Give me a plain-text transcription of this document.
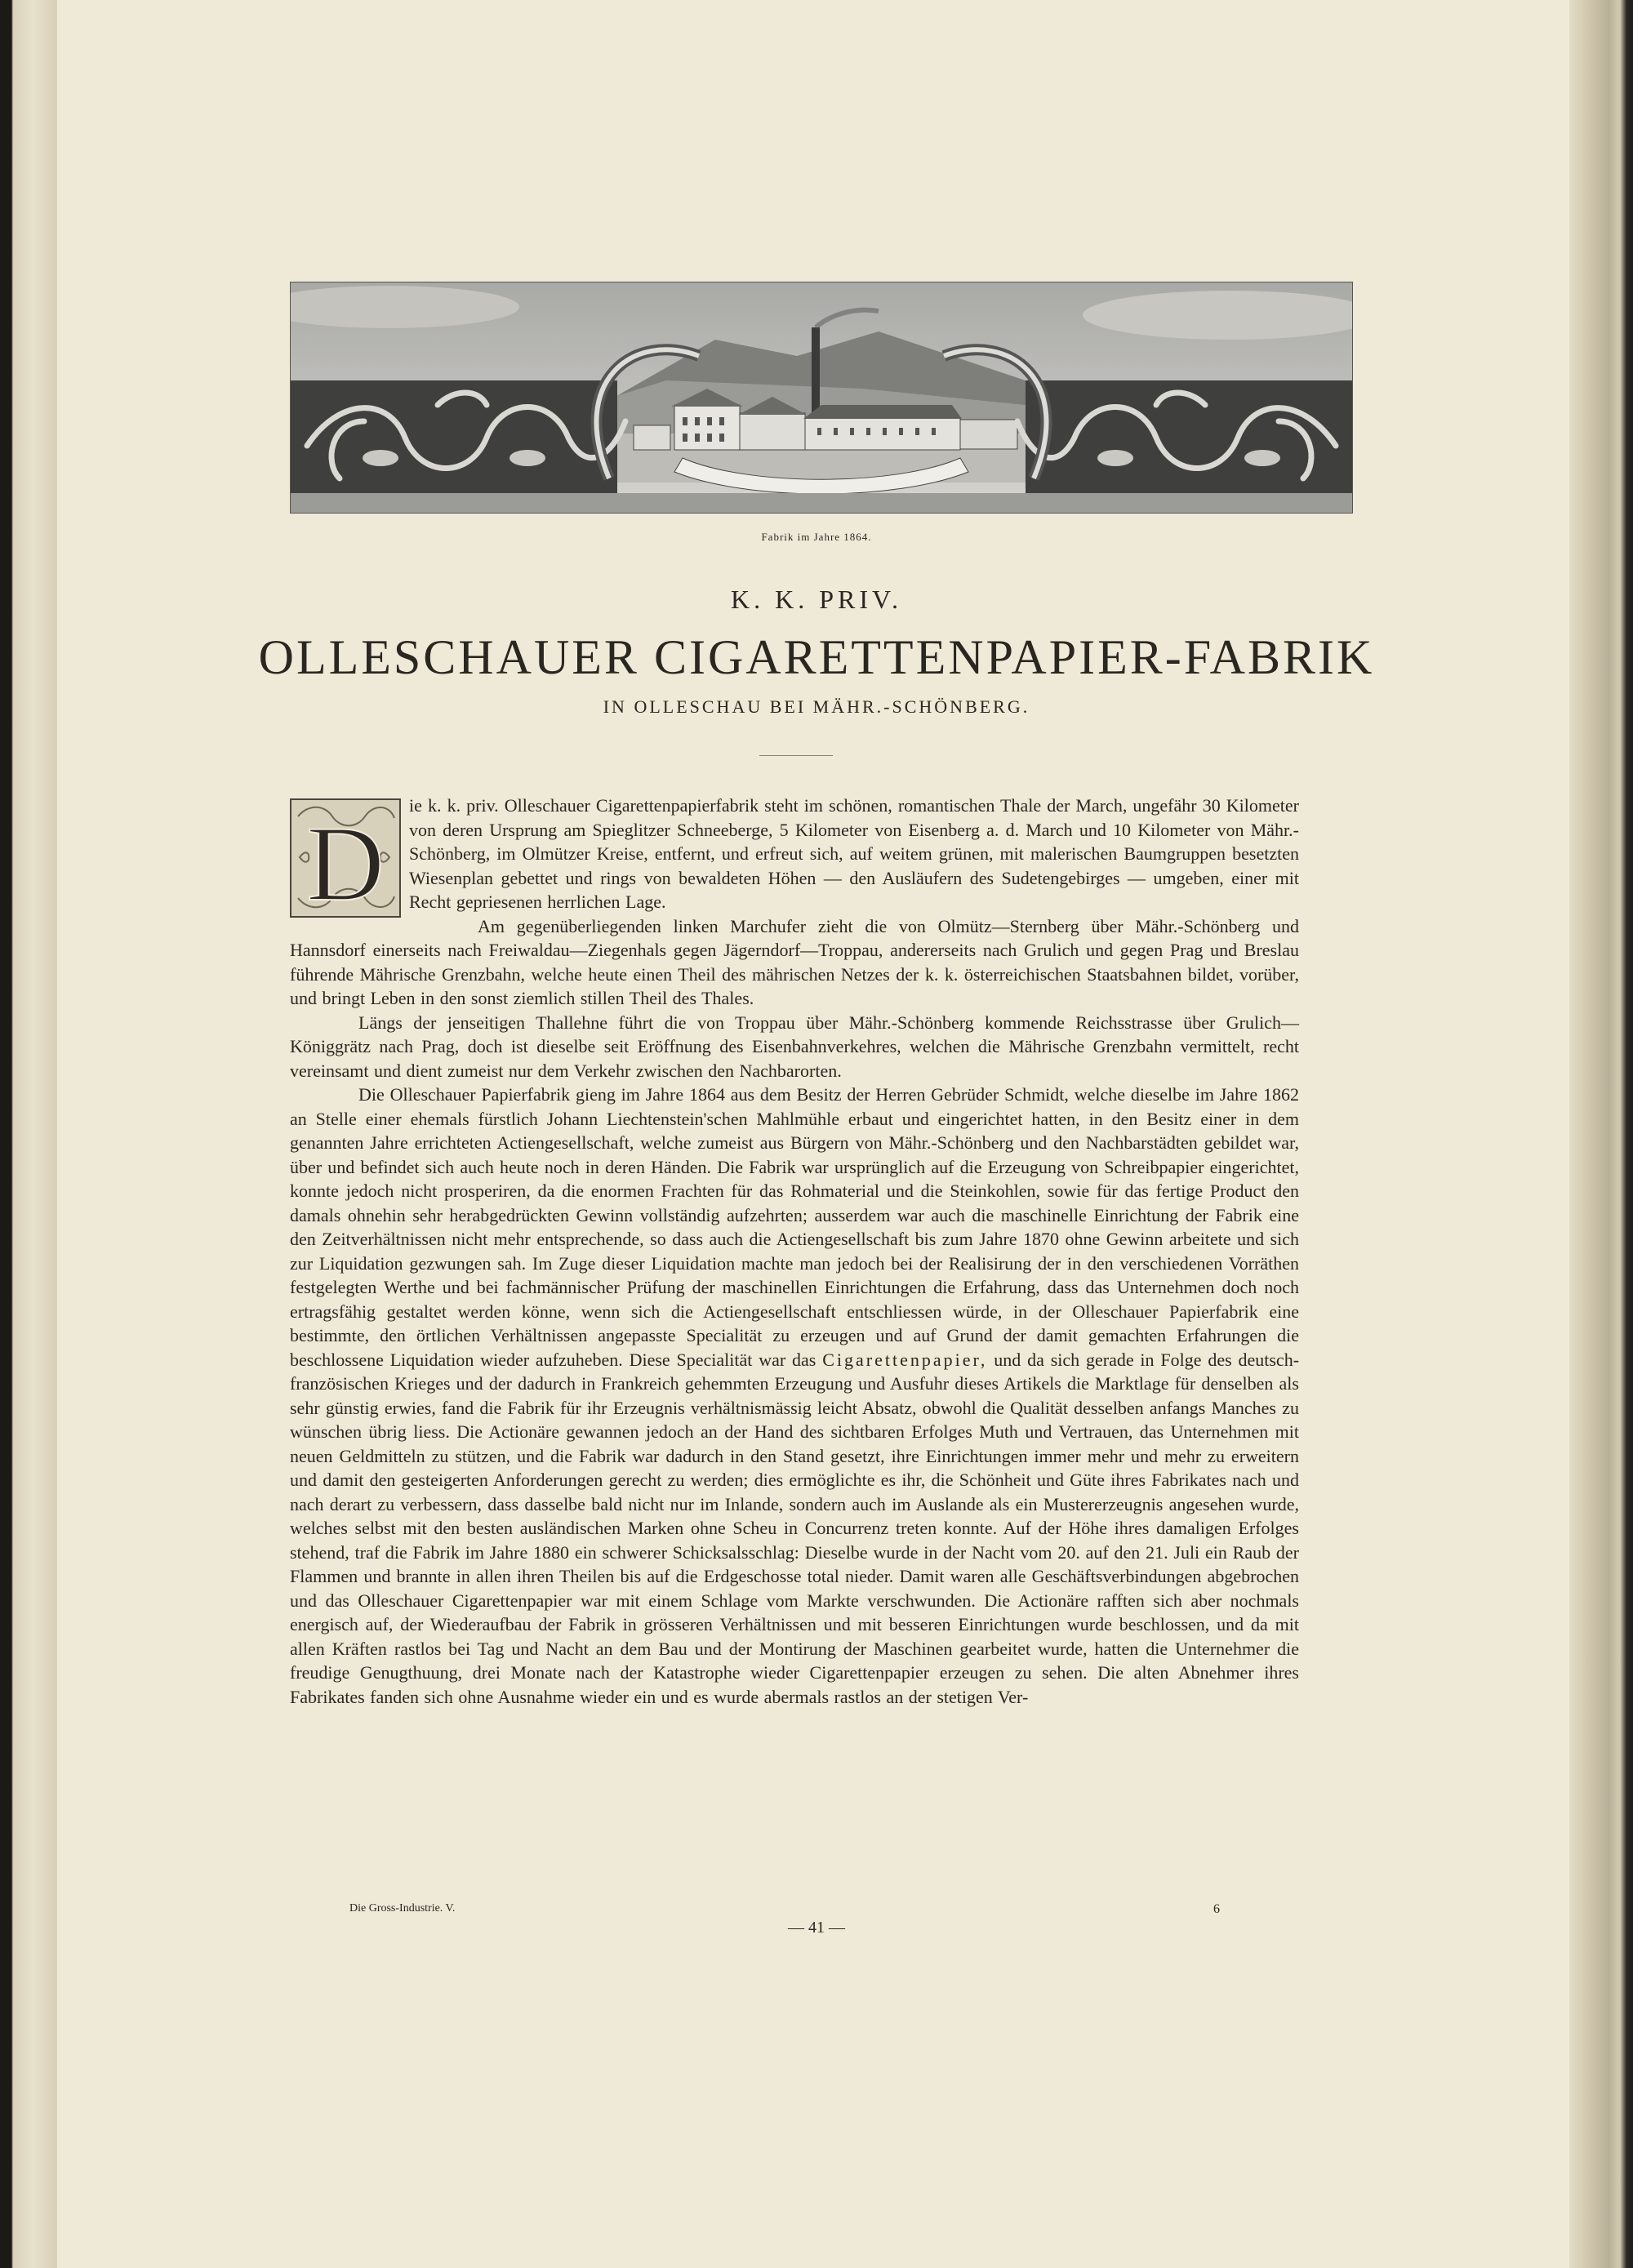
Fabrik im Jahre 1864.
K. K. PRIV.
OLLESCHAUER CIGARETTENPAPIER-FABRIK
IN OLLESCHAU BEI MÄHR.-SCHÖNBERG.
D	ie k. k. priv. Olleschauer Cigarettenpapierfabrik steht im schönen, romantischen Thale der March, ungefähr 30 Kilometer von deren Ursprung am Spieglitzer Schneeberge, 5 Kilometer von Eisenberg a. d. March und 10 Kilometer von Mähr.-Schönberg, im Olmützer Kreise, entfernt, und erfreut sich, auf weitem grünen, mit malerischen Baumgruppen besetzten Wiesenplan gebettet und rings von bewaldeten Höhen — den Ausläufern des Sudetengebirges — umgeben, einer mit Recht gepriesenen herrlichen Lage.

Am gegenüberliegenden linken Marchufer zieht die von Olmütz—Sternberg über Mähr.-Schönberg und Hannsdorf einerseits nach Freiwaldau—Ziegenhals gegen Jägerndorf—Troppau, andererseits nach Grulich und gegen Prag und Breslau führende Mährische Grenzbahn, welche heute einen Theil des mährischen Netzes der k. k. österreichischen Staatsbahnen bildet, vorüber, und bringt Leben in den sonst ziemlich stillen Theil des Thales.

Längs der jenseitigen Thallehne führt die von Troppau über Mähr.-Schönberg kommende Reichsstrasse über Grulich—Königgrätz nach Prag, doch ist dieselbe seit Eröffnung des Eisenbahnverkehres, welchen die Mährische Grenzbahn vermittelt, recht vereinsamt und dient zumeist nur dem Verkehr zwischen den Nachbarorten.

Die Olleschauer Papierfabrik gieng im Jahre 1864 aus dem Besitz der Herren Gebrüder Schmidt, welche dieselbe im Jahre 1862 an Stelle einer ehemals fürstlich Johann Liechtenstein'schen Mahlmühle erbaut und eingerichtet hatten, in den Besitz einer in dem genannten Jahre errichteten Actiengesellschaft, welche zumeist aus Bürgern von Mähr.-Schönberg und den Nachbarstädten gebildet war, über und befindet sich auch heute noch in deren Händen. Die Fabrik war ursprünglich auf die Erzeugung von Schreibpapier eingerichtet, konnte jedoch nicht prosperiren, da die enormen Frachten für das Rohmaterial und die Steinkohlen, sowie für das fertige Product den damals ohnehin sehr herabgedrückten Gewinn vollständig aufzehrten; ausserdem war auch die maschinelle Einrichtung der Fabrik eine den Zeitverhältnissen nicht mehr entsprechende, so dass auch die Actiengesellschaft bis zum Jahre 1870 ohne Gewinn arbeitete und sich zur Liquidation gezwungen sah. Im Zuge dieser Liquidation machte man jedoch bei der Realisirung der in den verschiedenen Vorräthen festgelegten Werthe und bei fachmännischer Prüfung der maschinellen Einrichtungen die Erfahrung, dass das Unternehmen doch noch ertragsfähig gestaltet werden könne, wenn sich die Actiengesellschaft entschliessen würde, in der Olleschauer Papierfabrik eine bestimmte, den örtlichen Verhältnissen angepasste Specialität zu erzeugen und auf Grund der damit gemachten Erfahrungen die beschlossene Liquidation wieder aufzuheben. Diese Specialität war das Cigarettenpapier, und da sich gerade in Folge des deutsch-französischen Krieges und der dadurch in Frankreich gehemmten Erzeugung und Ausfuhr dieses Artikels die Marktlage für denselben als sehr günstig erwies, fand die Fabrik für ihr Erzeugnis verhältnismässig leicht Absatz, obwohl die Qualität desselben anfangs Manches zu wünschen übrig liess. Die Actionäre gewannen jedoch an der Hand des sichtbaren Erfolges Muth und Vertrauen, das Unternehmen mit neuen Geldmitteln zu stützen, und die Fabrik war dadurch in den Stand gesetzt, ihre Einrichtungen immer mehr und mehr zu erweitern und damit den gesteigerten Anforderungen gerecht zu werden; dies ermöglichte es ihr, die Schönheit und Güte ihres Fabrikates nach und nach derart zu verbessern, dass dasselbe bald nicht nur im Inlande, sondern auch im Auslande als ein Mustererzeugnis angesehen wurde, welches selbst mit den besten ausländischen Marken ohne Scheu in Concurrenz treten konnte. Auf der Höhe ihres damaligen Erfolges stehend, traf die Fabrik im Jahre 1880 ein schwerer Schicksalsschlag: Dieselbe wurde in der Nacht vom 20. auf den 21. Juli ein Raub der Flammen und brannte in allen ihren Theilen bis auf die Erdgeschosse total nieder. Damit waren alle Geschäftsverbindungen abgebrochen und das Olleschauer Cigarettenpapier war mit einem Schlage vom Markte verschwunden. Die Actionäre rafften sich aber nochmals energisch auf, der Wiederaufbau der Fabrik in grösseren Verhältnissen und mit besseren Einrichtungen wurde beschlossen, und da mit allen Kräften rastlos bei Tag und Nacht an dem Bau und der Montirung der Maschinen gearbeitet wurde, hatten die Unternehmer die freudige Genugthuung, drei Monate nach der Katastrophe wieder Cigarettenpapier erzeugen zu sehen. Die alten Abnehmer ihres Fabrikates fanden sich ohne Ausnahme wieder ein und es wurde abermals rastlos an der stetigen Ver-

Die Gross-Industrie. V.	6
— 41 —
